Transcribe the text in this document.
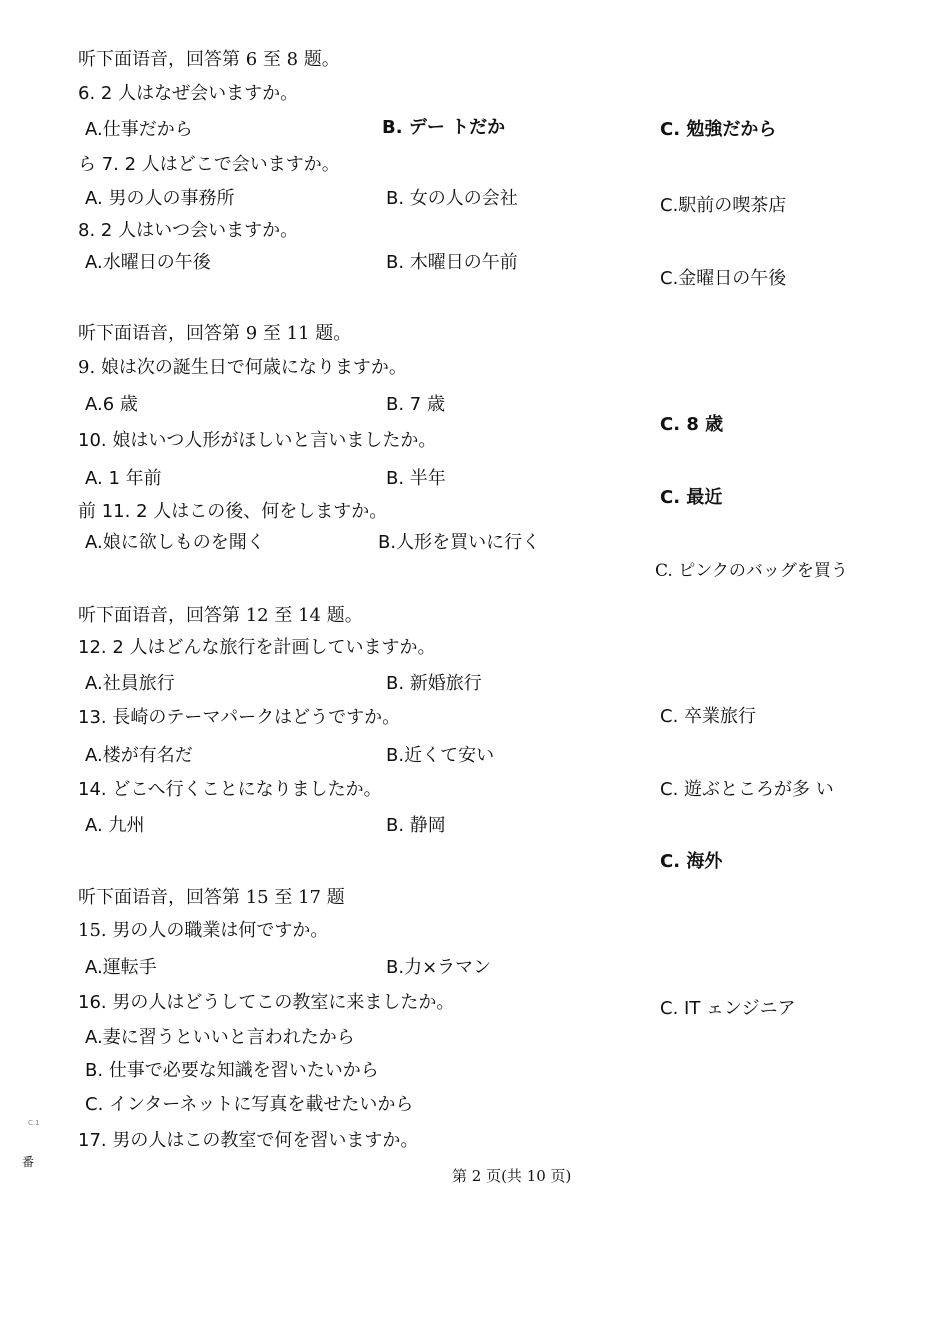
听下面语音，回答第 6 至 8 题。
6. 2 人はなぜ会いますか。
A.仕事だから	B. デー トだか	C. 勉強だから
ら 7. 2 人はどこで会いますか。
A. 男の人の事務所	B. 女の人の会社	C.駅前の喫茶店
8. 2 人はいつ会いますか。
A.水曜日の午後	B. 木曜日の午前
C.金曜日の午後
听下面语音，回答第 9 至 11 题。
9. 娘は次の誕生日で何歳になりますか。
A.6 歳	B. 7 歳
C. 8 歳
10. 娘はいつ人形がほしいと言いましたか。
A. 1 年前	B. 半年
C. 最近
前 11. 2 人はこの後、何をしますか。
A.娘に欲しものを聞く	B.人形を買いに行く
C. ピンクのバッグを買う
听下面语音，回答第 12 至 14 题。
12. 2 人はどんな旅行を計画していますか。
A.社員旅行	B. 新婚旅行
C. 卒業旅行
13. 長崎のテーマパークはどうですか。
A.楼が有名だ	B.近くて安い
C. 遊ぶところが多 い
14. どこへ行くことになりましたか。
A. 九州	B. 静岡
C. 海外
听下面语音，回答第 15 至 17 题
15. 男の人の職業は何ですか。
A.運転手	B.力×ラマン
C. IT ェンジニア
16. 男の人はどうしてこの教室に来ましたか。
A.妻に習うといいと言われたから
B. 仕事で必要な知識を習いたいから
C. インターネットに写真を載せたいから
17. 男の人はこの教室で何を習いますか。
C.1
番
第 2 页(共 10 页)
